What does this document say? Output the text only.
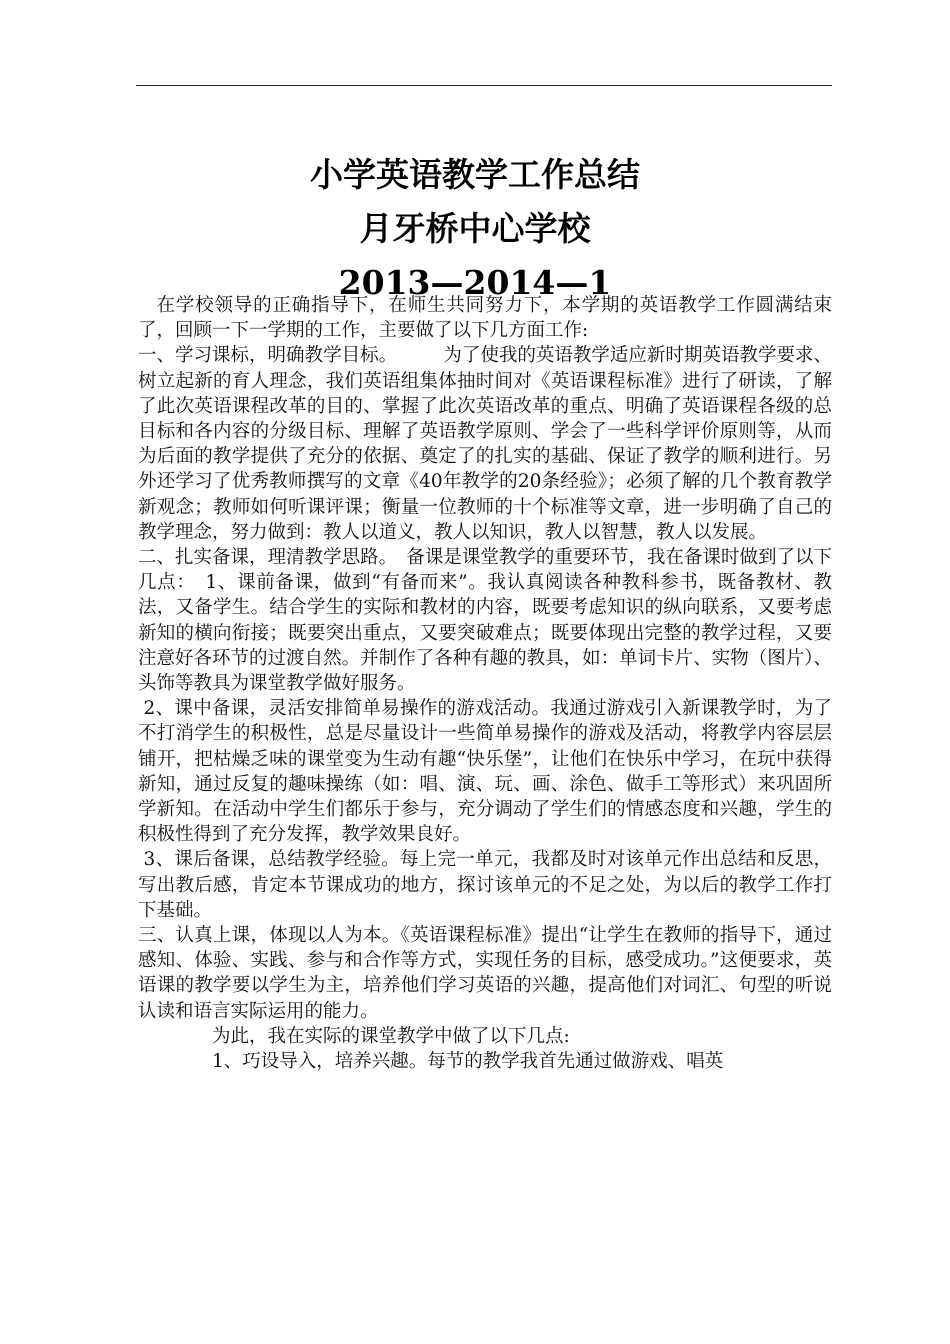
小学英语教学工作总结
月牙桥中心学校
2013—2014—1

在学校领导的正确指导下，在师生共同努力下，本学期的英语教学工作圆满结束了，回顾一下一学期的工作，主要做了以下几方面工作:

一、学习课标，明确教学目标。　　　为了使我的英语教学适应新时期英语教学要求、树立起新的育人理念，我们英语组集体抽时间对《英语课程标准》进行了研读，了解了此次英语课程改革的目的、掌握了此次英语改革的重点、明确了英语课程各级的总目标和各内容的分级目标、理解了英语教学原则、学会了一些科学评价原则等，从而为后面的教学提供了充分的依据、奠定了的扎实的基础、保证了教学的顺利进行。另外还学习了优秀教师撰写的文章《40年教学的20条经验》；必须了解的几个教育教学新观念；教师如何听课评课；衡量一位教师的十个标准等文章，进一步明确了自己的教学理念，努力做到：教人以道义，教人以知识，教人以智慧，教人以发展。

二、扎实备课，理清教学思路。　备课是课堂教学的重要环节，我在备课时做到了以下几点：　1、课前备课，做到“有备而来”。我认真阅读各种教科参书，既备教材、教法，又备学生。结合学生的实际和教材的内容，既要考虑知识的纵向联系，又要考虑新知的横向衔接；既要突出重点，又要突破难点；既要体现出完整的教学过程，又要注意好各环节的过渡自然。并制作了各种有趣的教具，如：单词卡片、实物（图片）、头饰等教具为课堂教学做好服务。

2、课中备课，灵活安排简单易操作的游戏活动。我通过游戏引入新课教学时，为了不打消学生的积极性，总是尽量设计一些简单易操作的游戏及活动，将教学内容层层铺开，把枯燥乏味的课堂变为生动有趣“快乐堡”，让他们在快乐中学习，在玩中获得新知，通过反复的趣味操练（如：唱、演、玩、画、涂色、做手工等形式）来巩固所学新知。在活动中学生们都乐于参与，充分调动了学生们的情感态度和兴趣，学生的积极性得到了充分发挥，教学效果良好。

3、课后备课，总结教学经验。每上完一单元，我都及时对该单元作出总结和反思，写出教后感，肯定本节课成功的地方，探讨该单元的不足之处，为以后的教学工作打下基础。

三、认真上课，体现以人为本。《英语课程标准》提出“让学生在教师的指导下，通过感知、体验、实践、参与和合作等方式，实现任务的目标，感受成功。”这便要求，英语课的教学要以学生为主，培养他们学习英语的兴趣，提高他们对词汇、句型的听说认读和语言实际运用的能力。

为此，我在实际的课堂教学中做了以下几点:

1、巧设导入，培养兴趣。每节的教学我首先通过做游戏、唱英
